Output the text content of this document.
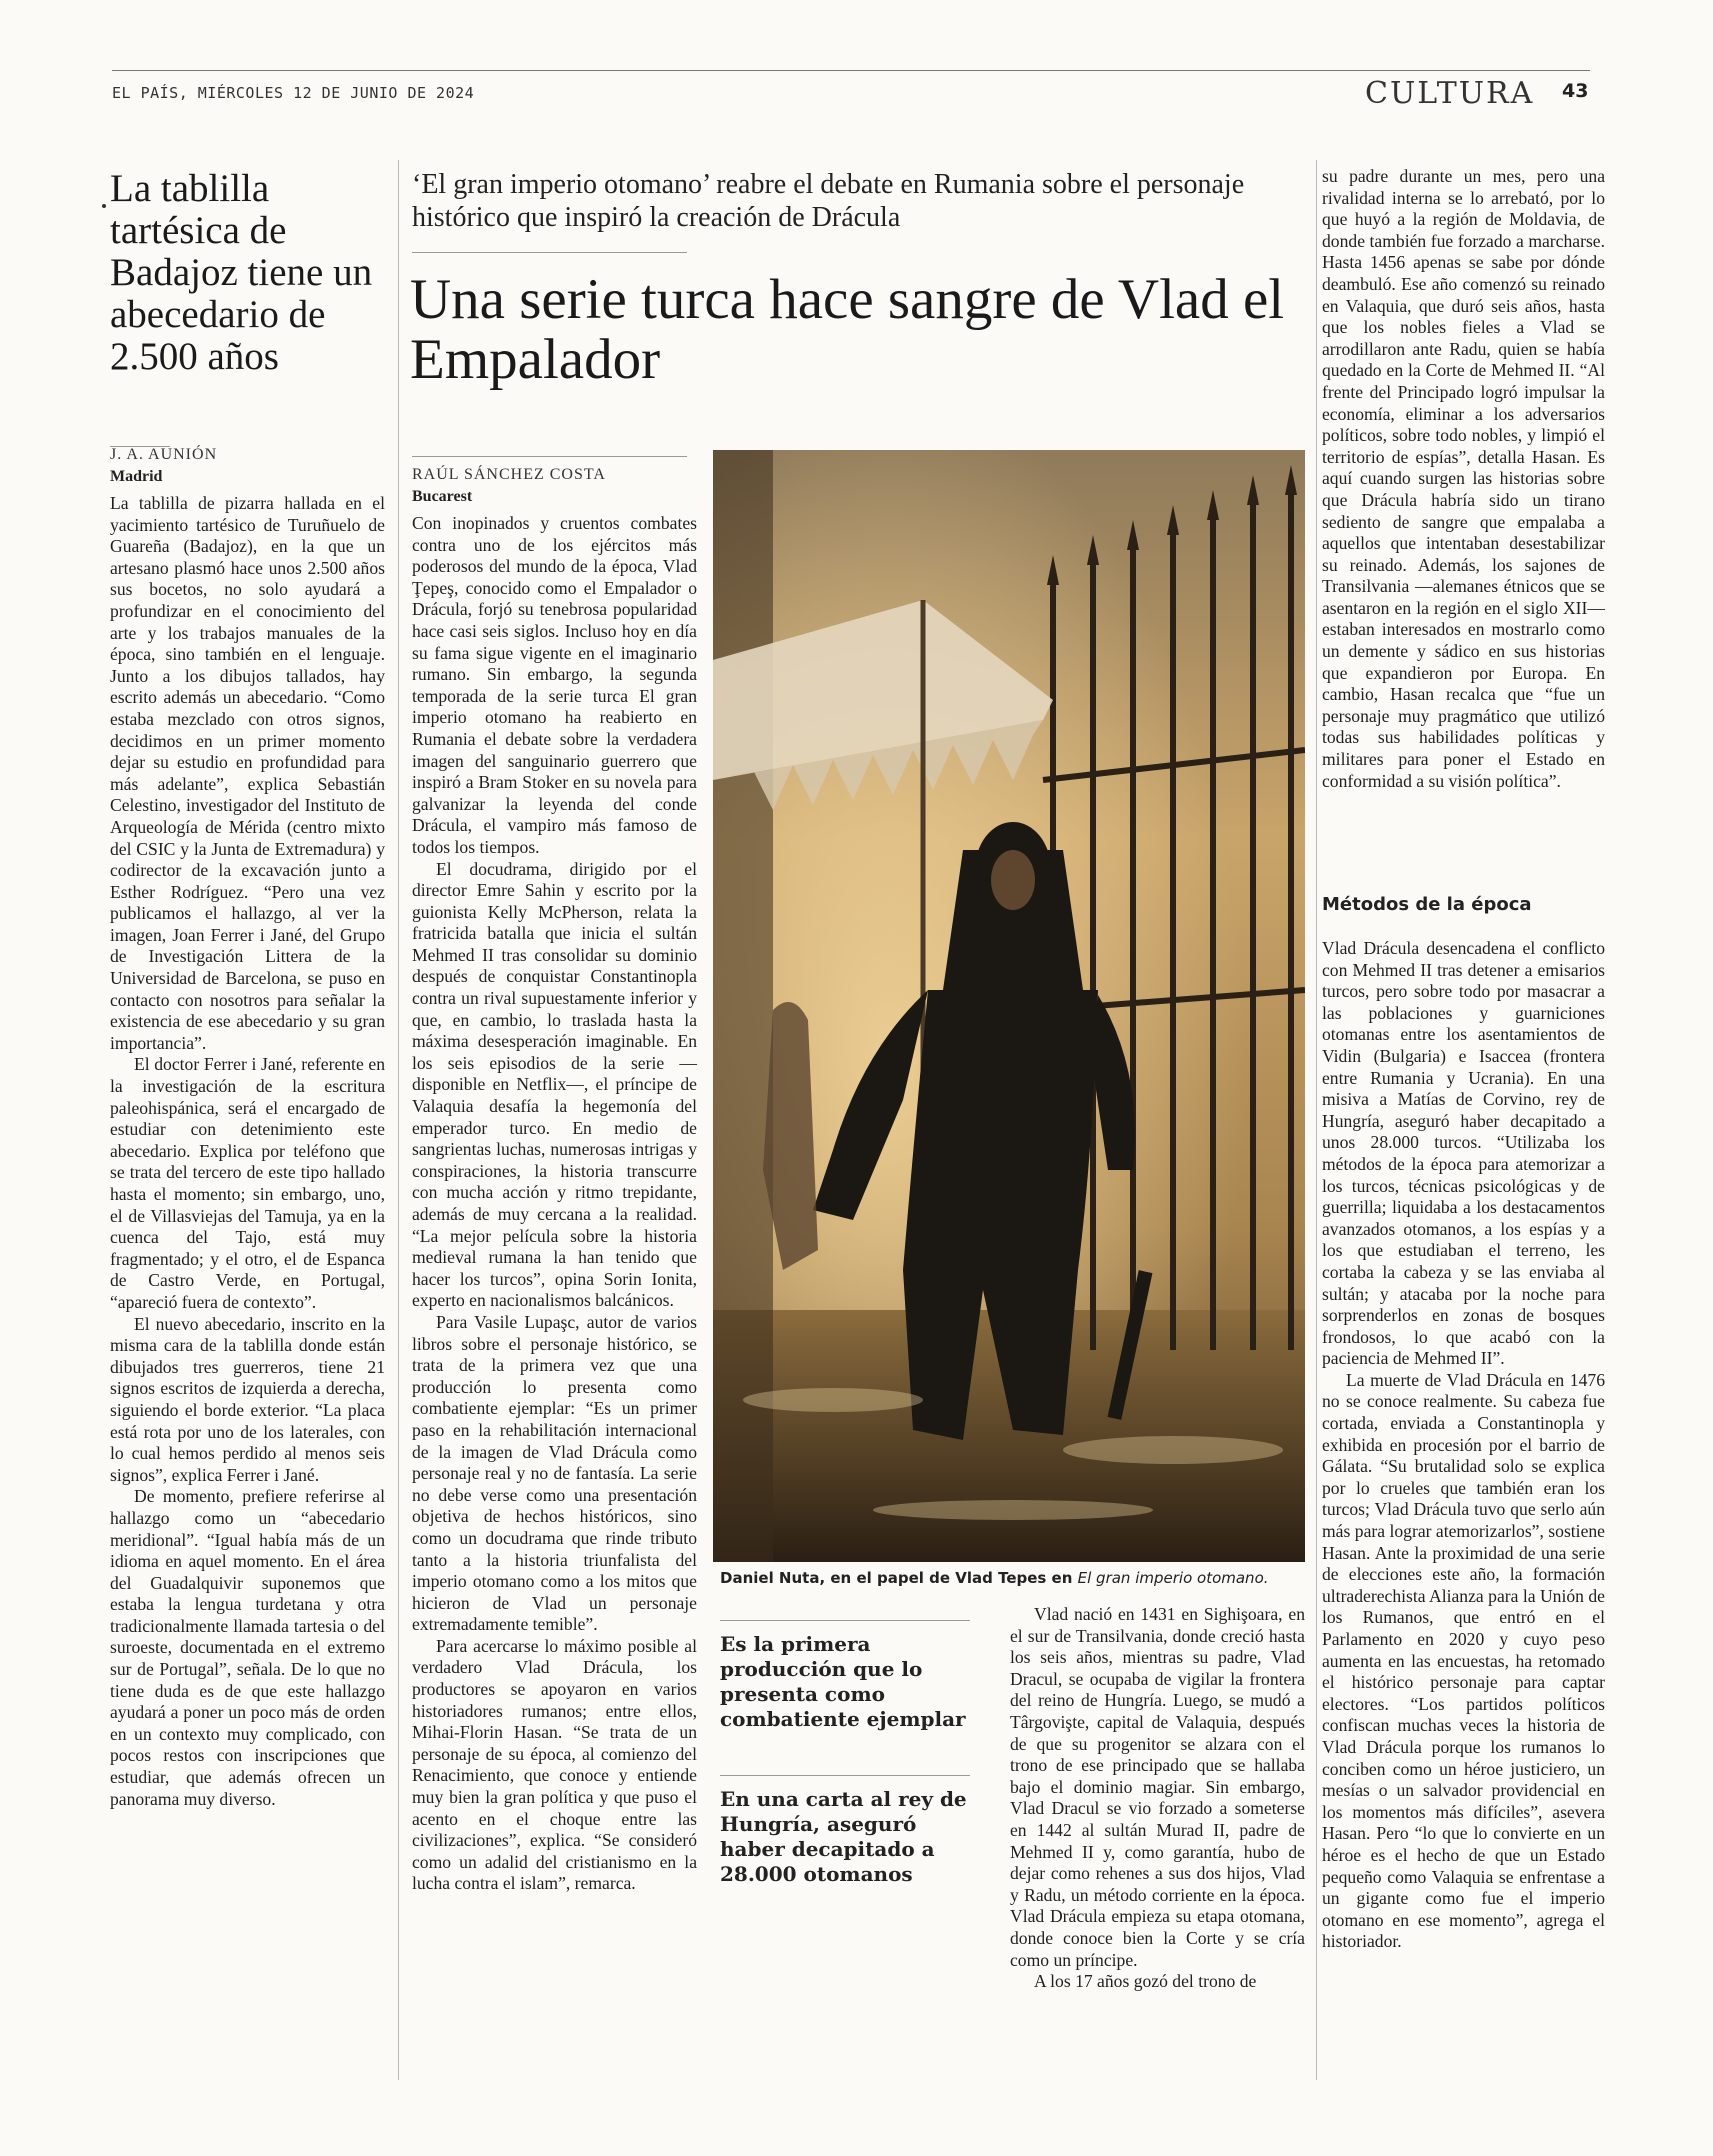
EL PAÍS, MIÉRCOLES 12 DE JUNIO DE 2024	CULTURA 43
La tablilla tartésica de Badajoz tiene un abecedario de 2.500 años
J. A. AUNIÓN
Madrid

La tablilla de pizarra hallada en el yacimiento tartésico de Turuñuelo de Guareña (Badajoz), en la que un artesano plasmó hace unos 2.500 años sus bocetos, no solo ayudará a profundizar en el conocimiento del arte y los trabajos manuales de la época, sino también en el lenguaje. Junto a los dibujos tallados, hay escrito además un abecedario. “Como estaba mezclado con otros signos, decidimos en un primer momento dejar su estudio en profundidad para más adelante”, explica Sebastián Celestino, investigador del Instituto de Arqueología de Mérida (centro mixto del CSIC y la Junta de Extremadura) y codirector de la excavación junto a Esther Rodríguez. “Pero una vez publicamos el hallazgo, al ver la imagen, Joan Ferrer i Jané, del Grupo de Investigación Littera de la Universidad de Barcelona, se puso en contacto con nosotros para señalar la existencia de ese abecedario y su gran importancia”.

El doctor Ferrer i Jané, referente en la investigación de la escritura paleohispánica, será el encargado de estudiar con detenimiento este abecedario. Explica por teléfono que se trata del tercero de este tipo hallado hasta el momento; sin embargo, uno, el de Villasviejas del Tamuja, ya en la cuenca del Tajo, está muy fragmentado; y el otro, el de Espanca de Castro Verde, en Portugal, “apareció fuera de contexto”.

El nuevo abecedario, inscrito en la misma cara de la tablilla donde están dibujados tres guerreros, tiene 21 signos escritos de izquierda a derecha, siguiendo el borde exterior. “La placa está rota por uno de los laterales, con lo cual hemos perdido al menos seis signos”, explica Ferrer i Jané.

De momento, prefiere referirse al hallazgo como un “abecedario meridional”. “Igual había más de un idioma en aquel momento. En el área del Guadalquivir suponemos que estaba la lengua turdetana y otra tradicionalmente llamada tartesia o del suroeste, documentada en el extremo sur de Portugal”, señala. De lo que no tiene duda es de que este hallazgo ayudará a poner un poco más de orden en un contexto muy complicado, con pocos restos con inscripciones que estudiar, que además ofrecen un panorama muy diverso.

‘El gran imperio otomano’ reabre el debate en Rumania sobre el personaje histórico que inspiró la creación de Drácula
Una serie turca hace sangre de Vlad el Empalador
RAÚL SÁNCHEZ COSTA
Bucarest

Con inopinados y cruentos combates contra uno de los ejércitos más poderosos del mundo de la época, Vlad Ţepeş, conocido como el Empalador o Drácula, forjó su tenebrosa popularidad hace casi seis siglos. Incluso hoy en día su fama sigue vigente en el imaginario rumano. Sin embargo, la segunda temporada de la serie turca El gran imperio otomano ha reabierto en Rumania el debate sobre la verdadera imagen del sanguinario guerrero que inspiró a Bram Stoker en su novela para galvanizar la leyenda del conde Drácula, el vampiro más famoso de todos los tiempos.

El docudrama, dirigido por el director Emre Sahin y escrito por la guionista Kelly McPherson, relata la fratricida batalla que inicia el sultán Mehmed II tras consolidar su dominio después de conquistar Constantinopla contra un rival supuestamente inferior y que, en cambio, lo traslada hasta la máxima desesperación imaginable. En los seis episodios de la serie —disponible en Netflix—, el príncipe de Valaquia desafía la hegemonía del emperador turco. En medio de sangrientas luchas, numerosas intrigas y conspiraciones, la historia transcurre con mucha acción y ritmo trepidante, además de muy cercana a la realidad. “La mejor película sobre la historia medieval rumana la han tenido que hacer los turcos”, opina Sorin Ionita, experto en nacionalismos balcánicos.

Para Vasile Lupaşc, autor de varios libros sobre el personaje histórico, se trata de la primera vez que una producción lo presenta como combatiente ejemplar: “Es un primer paso en la rehabilitación internacional de la imagen de Vlad Drácula como personaje real y no de fantasía. La serie no debe verse como una presentación objetiva de hechos históricos, sino como un docudrama que rinde tributo tanto a la historia triunfalista del imperio otomano como a los mitos que hicieron de Vlad un personaje extremadamente temible”.

Para acercarse lo máximo posible al verdadero Vlad Drácula, los productores se apoyaron en varios historiadores rumanos; entre ellos, Mihai-Florin Hasan. “Se trata de un personaje de su época, al comienzo del Renacimiento, que conoce y entiende muy bien la gran política y que puso el acento en el choque entre las civilizaciones”, explica. “Se consideró como un adalid del cristianismo en la lucha contra el islam”, remarca.

Daniel Nuta, en el papel de Vlad Tepes en El gran imperio otomano.
Es la primera producción que lo presenta como combatiente ejemplar
En una carta al rey de Hungría, aseguró haber decapitado a 28.000 otomanos

Vlad nació en 1431 en Sighişoara, en el sur de Transilvania, donde creció hasta los seis años, mientras su padre, Vlad Dracul, se ocupaba de vigilar la frontera del reino de Hungría. Luego, se mudó a Târgovişte, capital de Valaquia, después de que su progenitor se alzara con el trono de ese principado que se hallaba bajo el dominio magiar. Sin embargo, Vlad Dracul se vio forzado a someterse en 1442 al sultán Murad II, padre de Mehmed II y, como garantía, hubo de dejar como rehenes a sus dos hijos, Vlad y Radu, un método corriente en la época. Vlad Drácula empieza su etapa otomana, donde conoce bien la Corte y se cría como un príncipe.

A los 17 años gozó del trono de

su padre durante un mes, pero una rivalidad interna se lo arrebató, por lo que huyó a la región de Moldavia, de donde también fue forzado a marcharse. Hasta 1456 apenas se sabe por dónde deambuló. Ese año comenzó su reinado en Valaquia, que duró seis años, hasta que los nobles fieles a Vlad se arrodillaron ante Radu, quien se había quedado en la Corte de Mehmed II. “Al frente del Principado logró impulsar la economía, eliminar a los adversarios políticos, sobre todo nobles, y limpió el territorio de espías”, detalla Hasan. Es aquí cuando surgen las historias sobre que Drácula habría sido un tirano sediento de sangre que empalaba a aquellos que intentaban desestabilizar su reinado. Además, los sajones de Transilvania —alemanes étnicos que se asentaron en la región en el siglo XII— estaban interesados en mostrarlo como un demente y sádico en sus historias que expandieron por Europa. En cambio, Hasan recalca que “fue un personaje muy pragmático que utilizó todas sus habilidades políticas y militares para poner el Estado en conformidad a su visión política”.

Métodos de la época

Vlad Drácula desencadena el conflicto con Mehmed II tras detener a emisarios turcos, pero sobre todo por masacrar a las poblaciones y guarniciones otomanas entre los asentamientos de Vidin (Bulgaria) e Isaccea (frontera entre Rumania y Ucrania). En una misiva a Matías de Corvino, rey de Hungría, aseguró haber decapitado a unos 28.000 turcos. “Utilizaba los métodos de la época para atemorizar a los turcos, técnicas psicológicas y de guerrilla; liquidaba a los destacamentos avanzados otomanos, a los espías y a los que estudiaban el terreno, les cortaba la cabeza y se las enviaba al sultán; y atacaba por la noche para sorprenderlos en zonas de bosques frondosos, lo que acabó con la paciencia de Mehmed II”.

La muerte de Vlad Drácula en 1476 no se conoce realmente. Su cabeza fue cortada, enviada a Constantinopla y exhibida en procesión por el barrio de Gálata. “Su brutalidad solo se explica por lo crueles que también eran los turcos; Vlad Drácula tuvo que serlo aún más para lograr atemorizarlos”, sostiene Hasan. Ante la proximidad de una serie de elecciones este año, la formación ultraderechista Alianza para la Unión de los Rumanos, que entró en el Parlamento en 2020 y cuyo peso aumenta en las encuestas, ha retomado el histórico personaje para captar electores. “Los partidos políticos confiscan muchas veces la historia de Vlad Drácula porque los rumanos lo conciben como un héroe justiciero, un mesías o un salvador providencial en los momentos más difíciles”, asevera Hasan. Pero “lo que lo convierte en un héroe es el hecho de que un Estado pequeño como Valaquia se enfrentase a un gigante como fue el imperio otomano en ese momento”, agrega el historiador.
